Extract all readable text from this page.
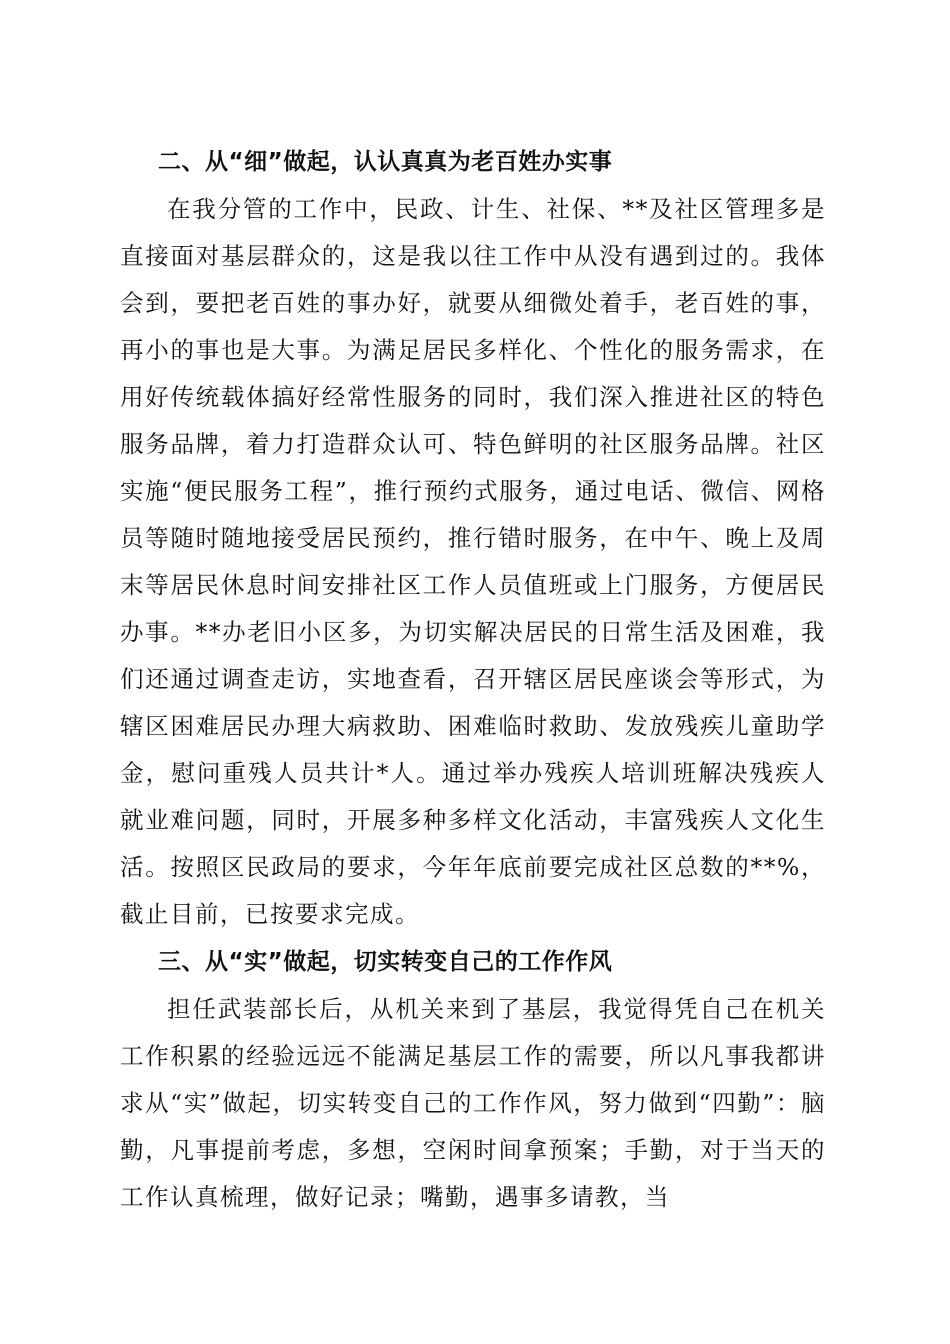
二、从“细”做起，认认真真为老百姓办实事

在我分管的工作中，民政、计生、社保、**及社区管理多是直接面对基层群众的，这是我以往工作中从没有遇到过的。我体会到，要把老百姓的事办好，就要从细微处着手，老百姓的事，再小的事也是大事。为满足居民多样化、个性化的服务需求，在用好传统载体搞好经常性服务的同时，我们深入推进社区的特色服务品牌，着力打造群众认可、特色鲜明的社区服务品牌。社区实施“便民服务工程”，推行预约式服务，通过电话、微信、网格员等随时随地接受居民预约，推行错时服务，在中午、晚上及周末等居民休息时间安排社区工作人员值班或上门服务，方便居民办事。**办老旧小区多，为切实解决居民的日常生活及困难，我们还通过调查走访，实地查看，召开辖区居民座谈会等形式，为辖区困难居民办理大病救助、困难临时救助、发放残疾儿童助学金，慰问重残人员共计*人。通过举办残疾人培训班解决残疾人就业难问题，同时，开展多种多样文化活动，丰富残疾人文化生活。按照区民政局的要求，今年年底前要完成社区总数的**%，截止目前，已按要求完成。

三、从“实”做起，切实转变自己的工作作风

担任武装部长后，从机关来到了基层，我觉得凭自己在机关工作积累的经验远远不能满足基层工作的需要，所以凡事我都讲求从“实”做起，切实转变自己的工作作风，努力做到“四勤”：脑勤，凡事提前考虑，多想，空闲时间拿预案；手勤，对于当天的工作认真梳理，做好记录；嘴勤，遇事多请教，当
